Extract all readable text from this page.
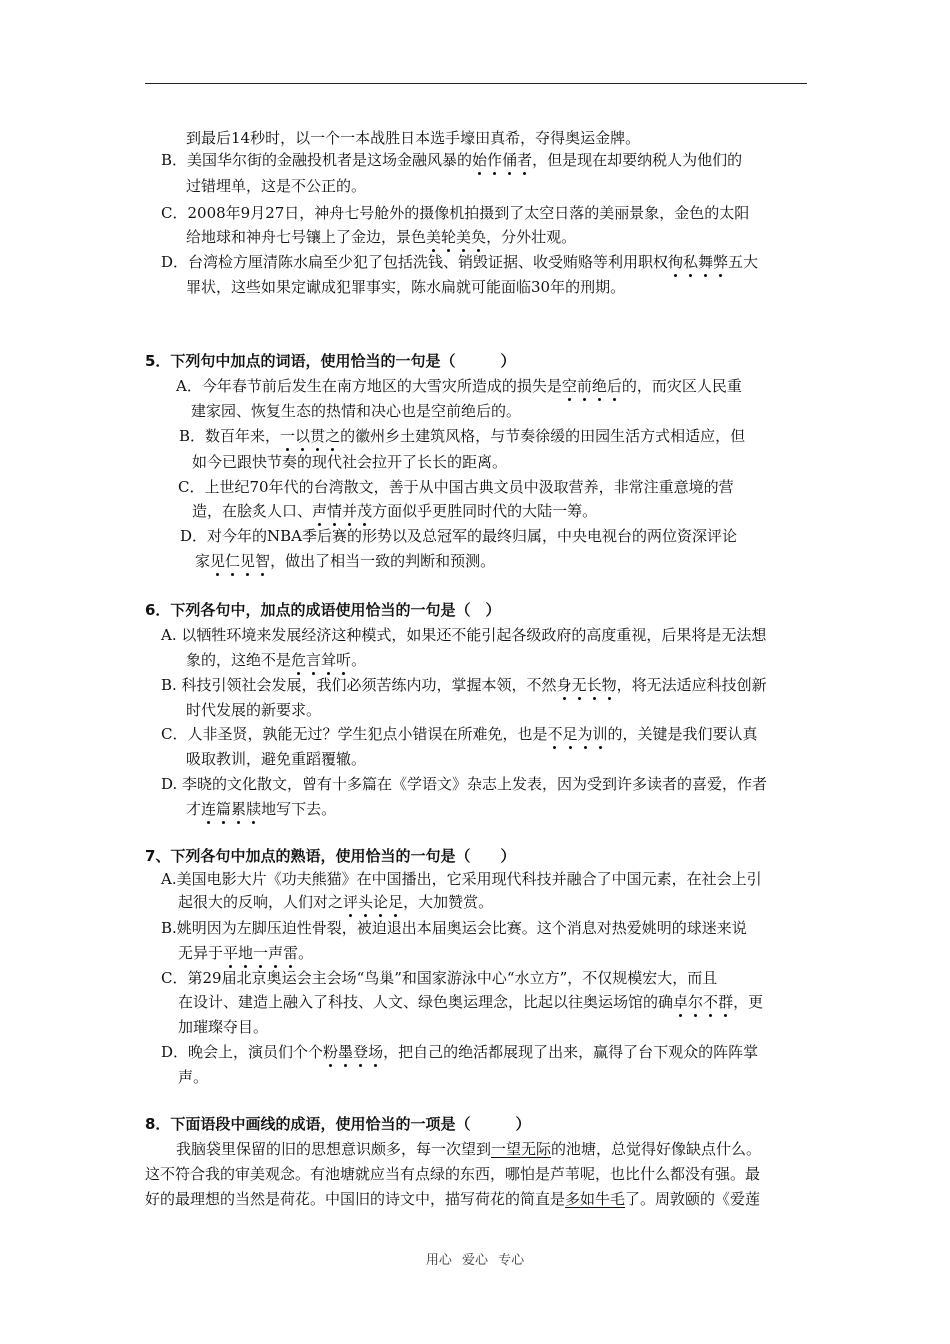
到最后14秒时，以一个一本战胜日本选手壕田真希，夺得奥运金牌。
B．美国华尔街的金融投机者是这场金融风暴的始作俑者，但是现在却要纳税人为他们的
过错埋单，这是不公正的。
C．2008年9月27日，神舟七号舱外的摄像机拍摄到了太空日落的美丽景象，金色的太阳
给地球和神舟七号镶上了金边，景色美轮美奂，分外壮观。
D．台湾检方厘清陈水扁至少犯了包括洗钱、销毁证据、收受贿赂等利用职权徇私舞弊五大
罪状，这些如果定谳成犯罪事实，陈水扁就可能面临30年的刑期。
5．下列句中加点的词语，使用恰当的一句是（　　　）
A．今年春节前后发生在南方地区的大雪灾所造成的损失是空前绝后的，而灾区人民重
建家园、恢复生态的热情和决心也是空前绝后的。
B．数百年来，一以贯之的徽州乡土建筑风格，与节奏徐缓的田园生活方式相适应，但
如今已跟快节奏的现代社会拉开了长长的距离。
C．上世纪70年代的台湾散文，善于从中国古典文员中汲取营养，非常注重意境的营
造，在脍炙人口、声情并茂方面似乎更胜同时代的大陆一筹。
D．对今年的NBA季后赛的形势以及总冠军的最终归属，中央电视台的两位资深评论
家见仁见智，做出了相当一致的判断和预测。
6．下列各句中，加点的成语使用恰当的一句是（　）
A. 以牺牲环境来发展经济这种模式，如果还不能引起各级政府的高度重视，后果将是无法想
象的，这绝不是危言耸听。
B. 科技引领社会发展，我们必须苦练内功，掌握本领，不然身无长物，将无法适应科技创新
时代发展的新要求。
C．人非圣贤，孰能无过？学生犯点小错误在所难免，也是不足为训的，关键是我们要认真
吸取教训，避免重蹈覆辙。
D. 李晓的文化散文，曾有十多篇在《学语文》杂志上发表，因为受到许多读者的喜爱，作者
才连篇累牍地写下去。
7、下列各句中加点的熟语，使用恰当的一句是（　　）
A.美国电影大片《功夫熊猫》在中国播出，它采用现代科技并融合了中国元素，在社会上引
起很大的反响，人们对之评头论足，大加赞赏。
B.姚明因为左脚压迫性骨裂，被迫退出本届奥运会比赛。这个消息对热爱姚明的球迷来说
无异于平地一声雷。
C．第29届北京奥运会主会场“鸟巢”和国家游泳中心“水立方”，不仅规模宏大，而且
在设计、建造上融入了科技、人文、绿色奥运理念，比起以往奥运场馆的确卓尔不群，更
加璀璨夺目。
D．晚会上，演员们个个粉墨登场，把自己的绝活都展现了出来，赢得了台下观众的阵阵掌
声。
8．下面语段中画线的成语，使用恰当的一项是（　　　）
我脑袋里保留的旧的思想意识颇多，每一次望到一望无际的池塘，总觉得好像缺点什么。
这不符合我的审美观念。有池塘就应当有点绿的东西，哪怕是芦苇呢，也比什么都没有强。最
好的最理想的当然是荷花。中国旧的诗文中，描写荷花的简直是多如牛毛了。周敦颐的《爱莲
用心 爱心 专心
